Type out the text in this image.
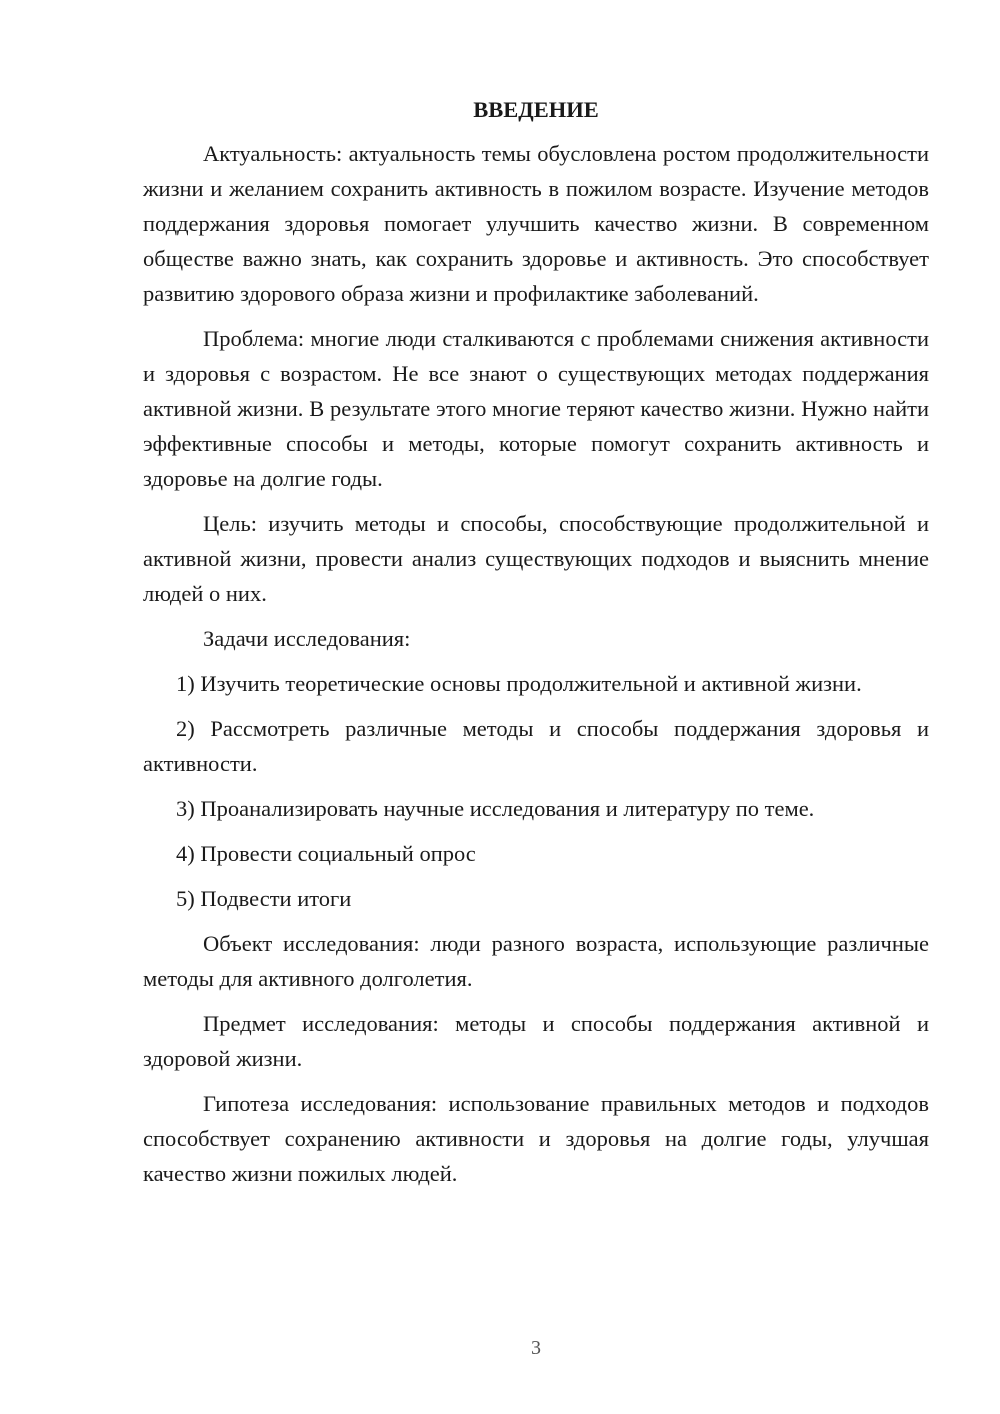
ВВЕДЕНИЕ

Актуальность: актуальность темы обусловлена ростом продолжительности жизни и желанием сохранить активность в пожилом возрасте. Изучение методов поддержания здоровья помогает улучшить качество жизни. В современном обществе важно знать, как сохранить здоровье и активность. Это способствует развитию здорового образа жизни и профилактике заболеваний.

Проблема: многие люди сталкиваются с проблемами снижения активности и здоровья с возрастом. Не все знают о существующих методах поддержания активной жизни. В результате этого многие теряют качество жизни. Нужно найти эффективные способы и методы, которые помогут сохранить активность и здоровье на долгие годы.

Цель: изучить методы и способы, способствующие продолжительной и активной жизни, провести анализ существующих подходов и выяснить мнение людей о них.

Задачи исследования:

1) Изучить теоретические основы продолжительной и активной жизни.
2) Рассмотреть различные методы и способы поддержания здоровья и активности.
3) Проанализировать научные исследования и литературу по теме.
4) Провести социальный опрос
5) Подвести итоги

Объект исследования: люди разного возраста, использующие различные методы для активного долголетия.

Предмет исследования: методы и способы поддержания активной и здоровой жизни.

Гипотеза исследования: использование правильных методов и подходов способствует сохранению активности и здоровья на долгие годы, улучшая качество жизни пожилых людей.

3
